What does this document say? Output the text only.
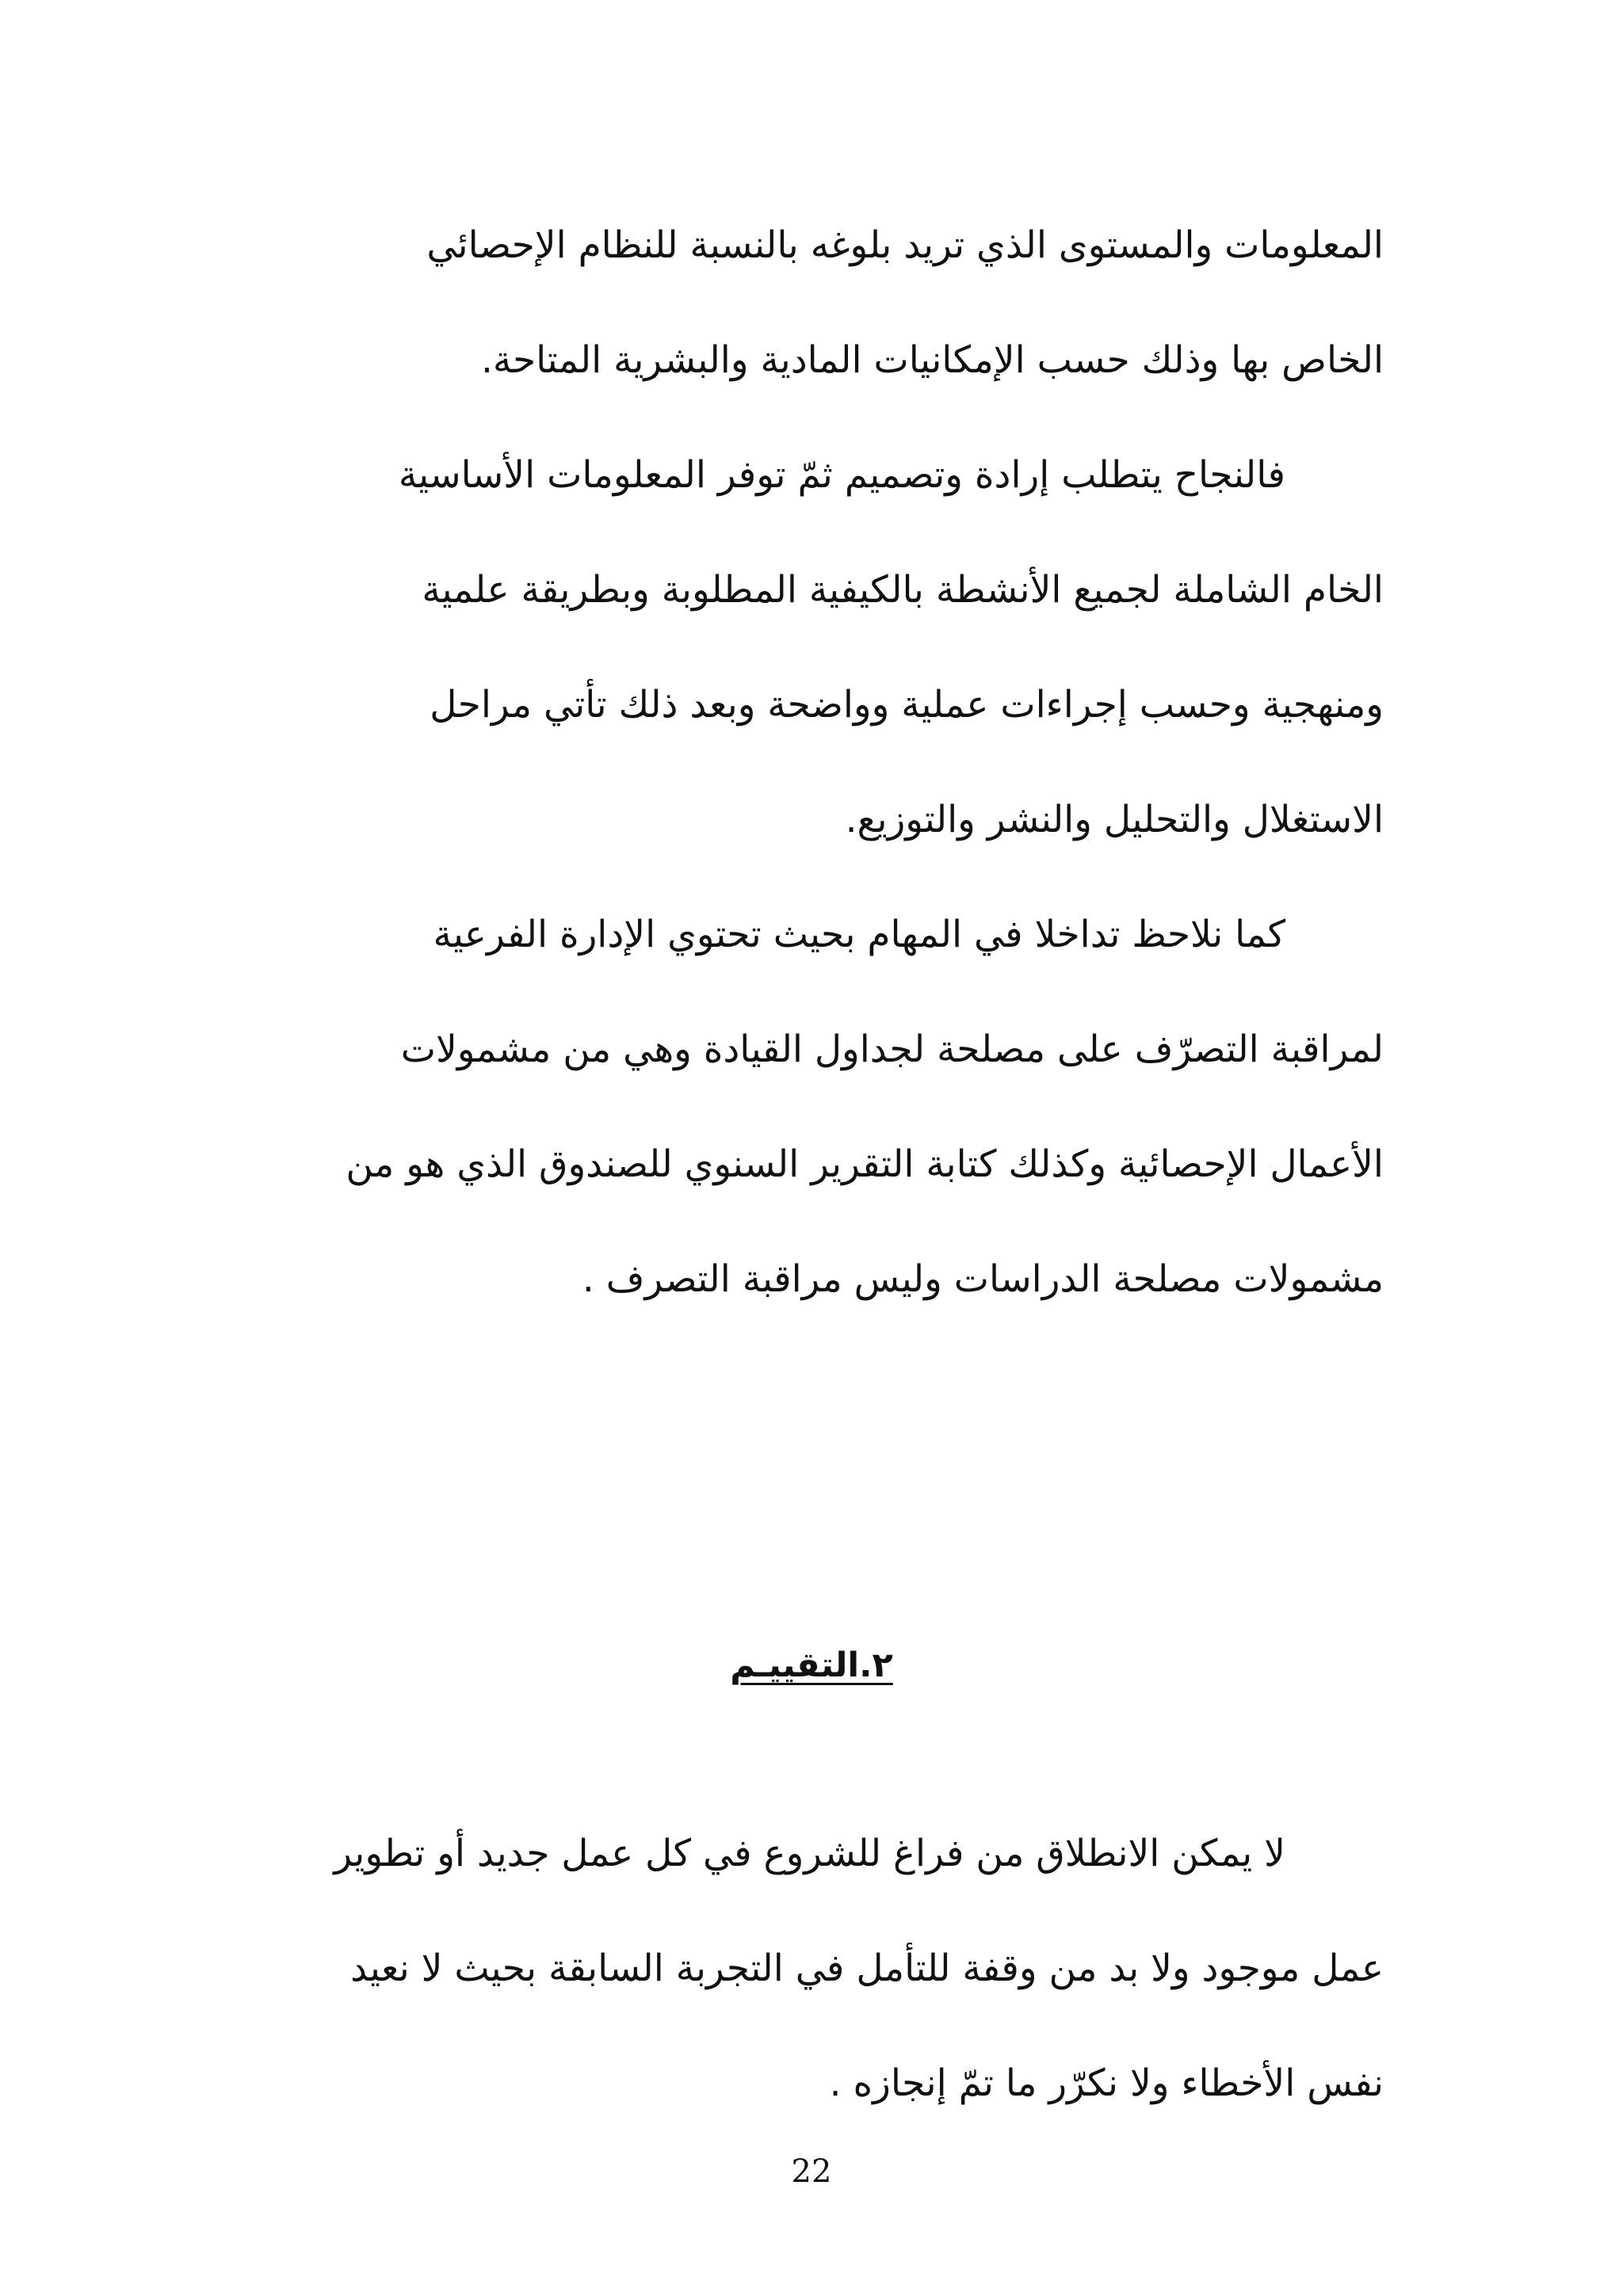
المعلومات والمستوى الذي تريد بلوغه بالنسبة للنظام الإحصائي
الخاص بها وذلك حسب الإمكانيات المادية والبشرية المتاحة.
فالنجاح يتطلب إرادة وتصميم ثمّ توفر المعلومات الأساسية
الخام الشاملة لجميع الأنشطة بالكيفية المطلوبة وبطريقة علمية
ومنهجية وحسب إجراءات عملية وواضحة وبعد ذلك تأتي مراحل
الاستغلال والتحليل والنشر والتوزيع.
كما نلاحظ تداخلا في المهام بحيث تحتوي الإدارة الفرعية
لمراقبة التصرّف على مصلحة لجداول القيادة وهي من مشمولات
الأعمال الإحصائية وكذلك كتابة التقرير السنوي للصندوق الذي هو من
مشمولات مصلحة الدراسات وليس مراقبة التصرف .
٢.التقييـم
لا يمكن الانطلاق من فراغ للشروع في كل عمل جديد أو تطوير
عمل موجود ولا بد من وقفة للتأمل في التجربة السابقة بحيث لا نعيد
نفس الأخطاء ولا نكرّر ما تمّ إنجازه .
22
